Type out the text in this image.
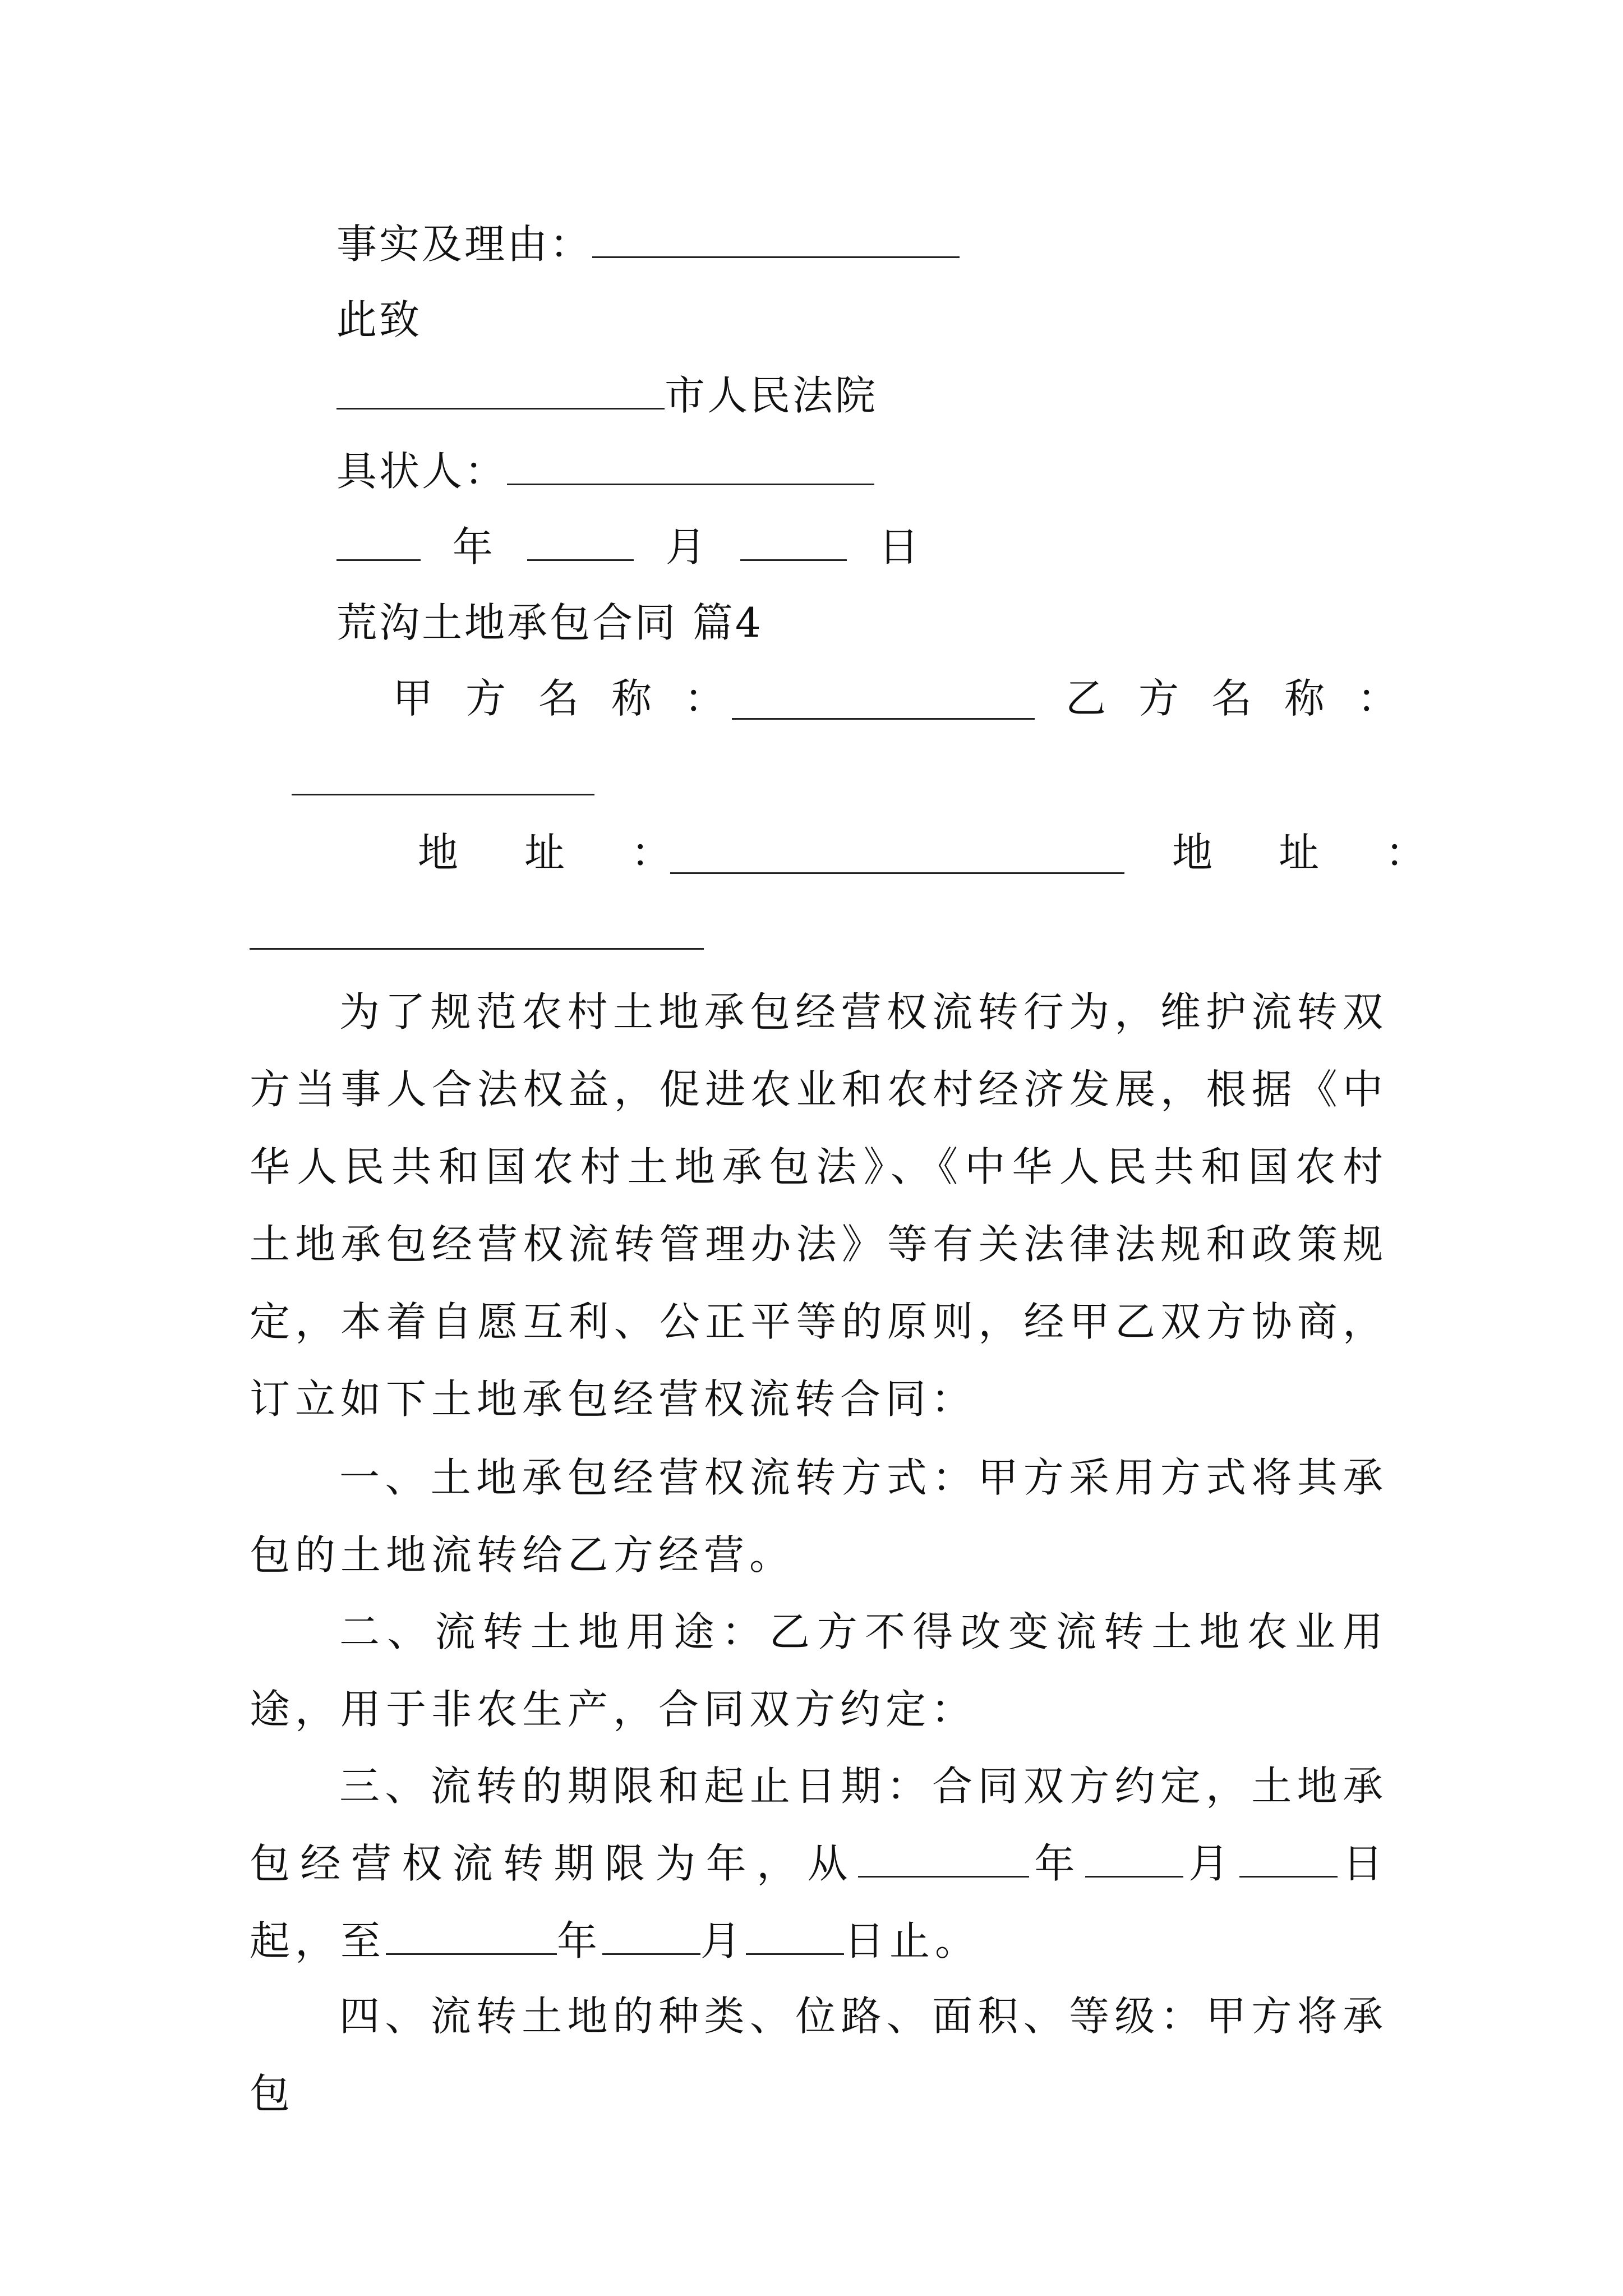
事实及理由：
此致
市人民法院
具状人：
年	月	日
荒沟土地承包合同 篇4
甲方名称：	乙方名称：
地址：	地址：
为了规范农村土地承包经营权流转行为，维护流转双方当事人合法权益，促进农业和农村经济发展，根据《中华人民共和国农村土地承包法》、《中华人民共和国农村土地承包经营权流转管理办法》等有关法律法规和政策规定，本着自愿互利、公正平等的原则，经甲乙双方协商，订立如下土地承包经营权流转合同：
一、土地承包经营权流转方式：甲方采用方式将其承包的土地流转给乙方经营。
二、流转土地用途：乙方不得改变流转土地农业用途，用于非农生产，合同双方约定：
三、流转的期限和起止日期：合同双方约定，土地承包经营权流转期限为年，从	年 月 日起，至	年 月 日止。
四、流转土地的种类、位路、面积、等级：甲方将承包
